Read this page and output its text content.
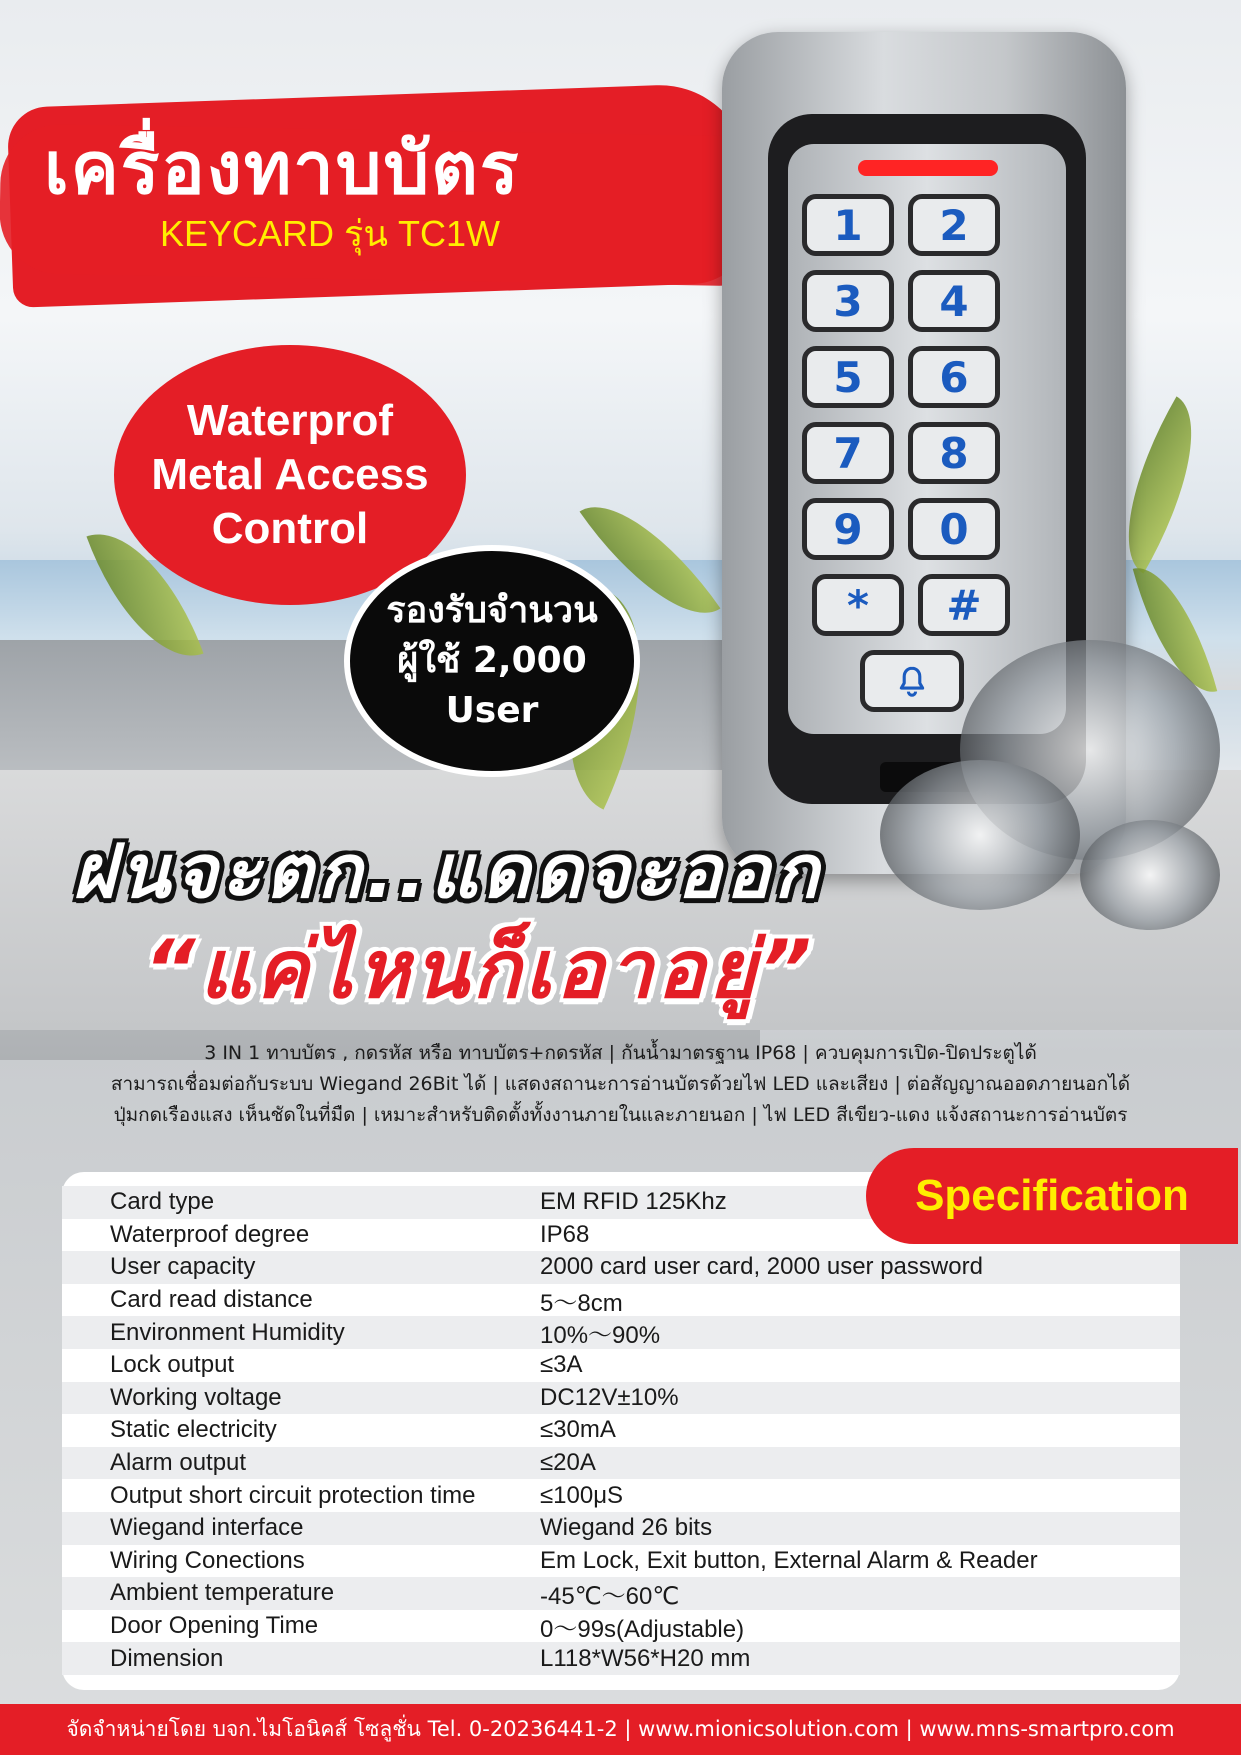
เครื่องทาบบัตร

KEYCARD รุ่น TC1W	1	2
3	4
5	6
7	8
9	0
*	#
Waterprof
Metal Access
Control
รองรับจำนวน
ผู้ใช้ 2,000
User

ฝนจะตก..แดดจะออก

“แค่ไหนก็เอาอยู่”

3 IN 1 ทาบบัตร , กดรหัส หรือ ทาบบัตร+กดรหัส | กันน้ำมาตรฐาน IP68 | ควบคุมการเปิด-ปิดประตูได้

สามารถเชื่อมต่อกับระบบ Wiegand 26Bit ได้ | แสดงสถานะการอ่านบัตรด้วยไฟ LED และเสียง | ต่อสัญญาณออดภายนอกได้

ปุ่มกดเรืองแสง เห็นชัดในที่มืด | เหมาะสำหรับติดตั้งทั้งงานภายในและภายนอก | ไฟ LED สีเขียว-แดง แจ้งสถานะการอ่านบัตร

Card type	EM RFID 125Khz
Waterproof degree	IP68
User capacity	2000 card user card, 2000 user password
Card read distance	5～8cm
Environment Humidity	10%～90%
Lock output	≤3A
Working voltage	DC12V±10%
Static electricity	≤30mA
Alarm output	≤20A
Output short circuit protection time	≤100μS
Wiegand interface	Wiegand 26 bits
Wiring Conections	Em Lock, Exit button, External Alarm & Reader
Ambient temperature	-45℃～60℃
Door Opening Time	0～99s(Adjustable)
Dimension	L118*W56*H20 mm
Specification
จัดจำหน่ายโดย บจก.ไมโอนิคส์ โซลูชั่น Tel. 0-20236441-2 | www.mionicsolution.com | www.mns-smartpro.com
